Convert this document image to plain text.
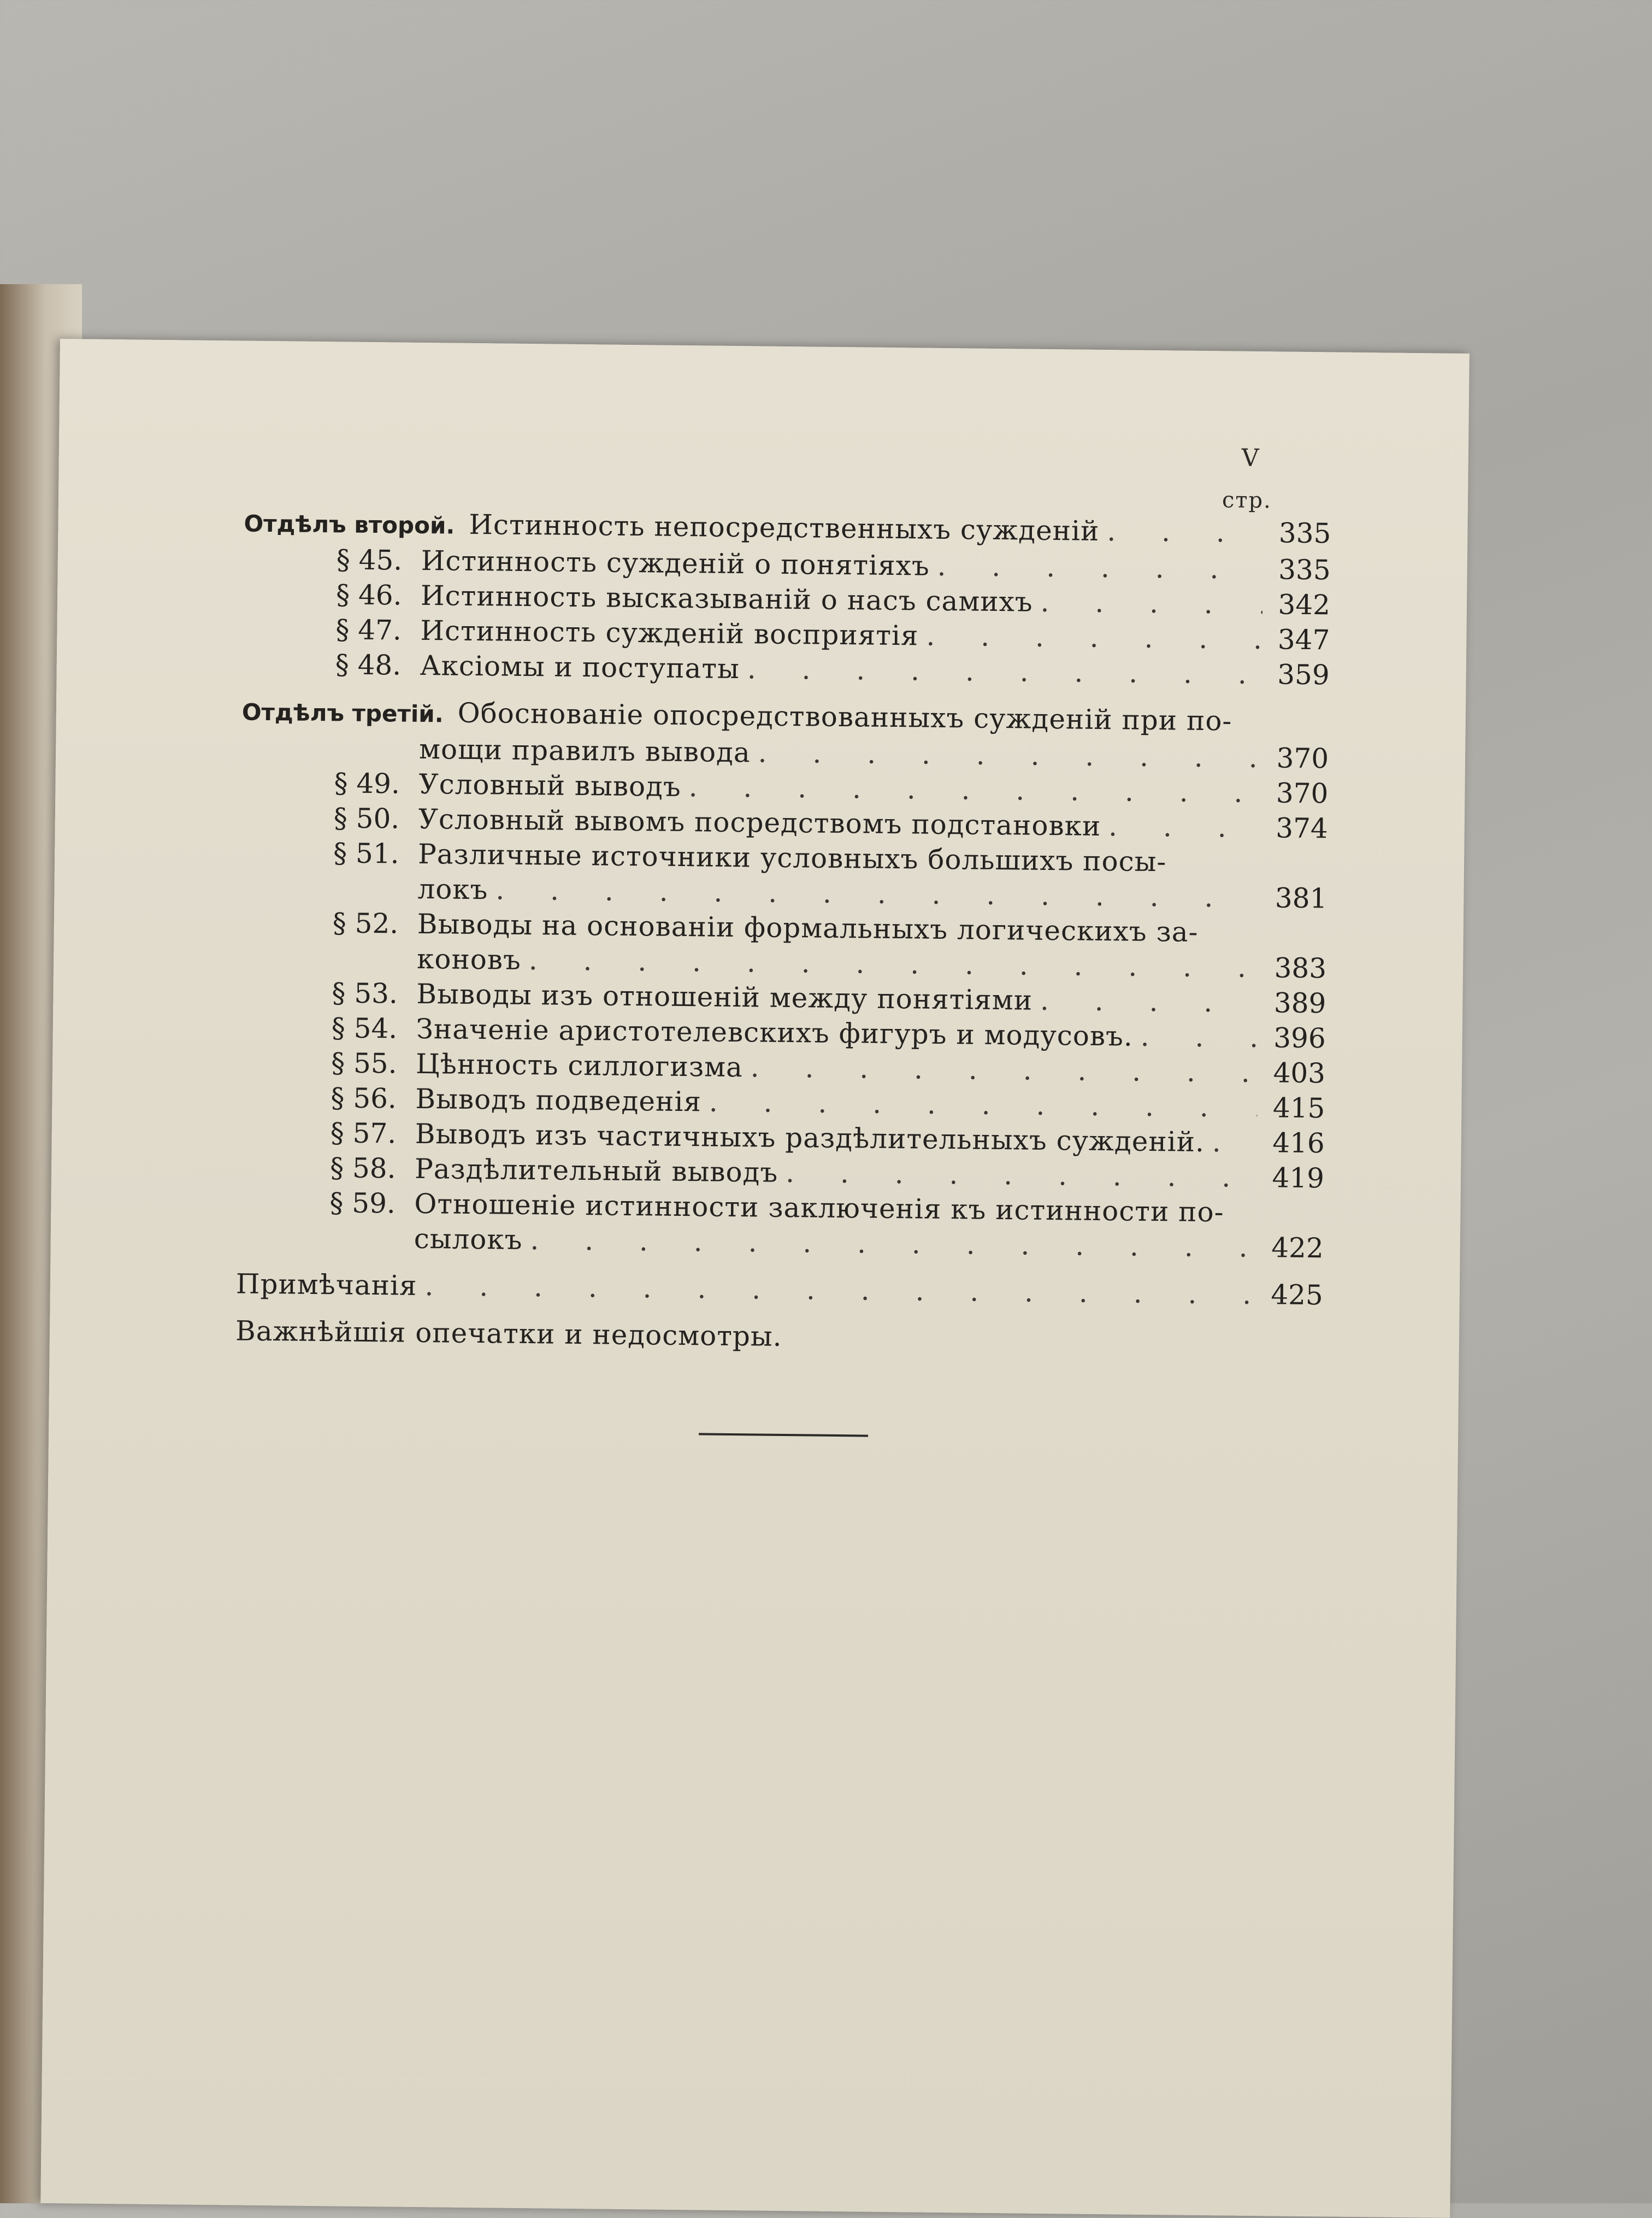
V
стр.
Отдѣлъ второй. Истинность непосредственныхъ сужденій . . .	335
§ 45. Истинность сужденій о понятіяхъ . . .	335
§ 46. Истинность высказываній о насъ самихъ . . .	342
§ 47. Истинность сужденій восприятія . . .	347
§ 48. Аксіомы и поступаты . . .	359
Отдѣлъ третій. Обоснованіе опосредствованныхъ сужденій при по-
мощи правилъ вывода . . .	370
§ 49. Условный выводъ . . .	370
§ 50. Условный вывомъ посредствомъ подстановки . . .	374
§ 51. Различные источники условныхъ большихъ посы-
локъ . . .	381
§ 52. Выводы на основаніи формальныхъ логическихъ за-
коновъ . . .	383
§ 53. Выводы изъ отношеній между понятіями . . .	389
§ 54. Значеніе аристотелевскихъ фигуръ и модусовъ. . . .	396
§ 55. Цѣнность силлогизма . . .	403
§ 56. Выводъ подведенія . . .	415
§ 57. Выводъ изъ частичныхъ раздѣлительныхъ сужденій. . . . 416
§ 58. Раздѣлительный выводъ . . .	419
§ 59. Отношеніе истинности заключенія къ истинности по-
сылокъ . . .	422
Примѣчанія . . .	425
Важнѣйшія опечатки и недосмотры.
